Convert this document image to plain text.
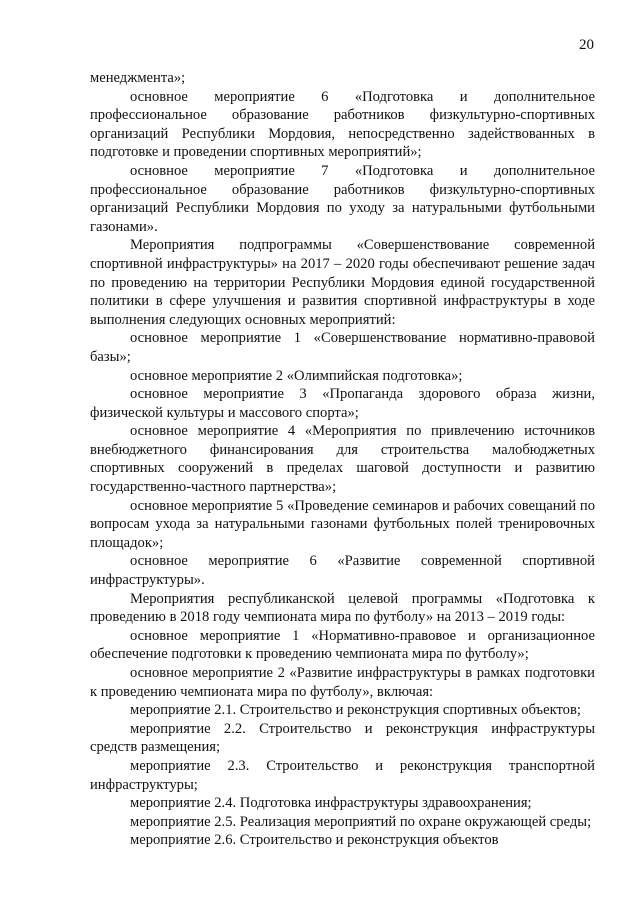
20

менеджмента»;

основное мероприятие 6 «Подготовка и дополнительное профессиональное образование работников физкультурно-спортивных организаций Республики Мордовия, непосредственно задействованных в подготовке и проведении спортивных мероприятий»;

основное мероприятие 7 «Подготовка и дополнительное профессиональное образование работников физкультурно-спортивных организаций Республики Мордовия по уходу за натуральными футбольными газонами».

Мероприятия подпрограммы «Совершенствование современной спортивной инфраструктуры» на 2017 – 2020 годы обеспечивают решение задач по проведению на территории Республики Мордовия единой государственной политики в сфере улучшения и развития спортивной инфраструктуры в ходе выполнения следующих основных мероприятий:

основное мероприятие 1 «Совершенствование нормативно-правовой базы»;

основное мероприятие 2 «Олимпийская подготовка»;

основное мероприятие 3 «Пропаганда здорового образа жизни, физической культуры и массового спорта»;

основное мероприятие 4 «Мероприятия по привлечению источников внебюджетного финансирования для строительства малобюджетных спортивных сооружений в пределах шаговой доступности и развитию государственно-частного партнерства»;

основное мероприятие 5 «Проведение семинаров и рабочих совещаний по вопросам ухода за натуральными газонами футбольных полей тренировочных площадок»;

основное мероприятие 6 «Развитие современной спортивной инфраструктуры».

Мероприятия республиканской целевой программы «Подготовка к проведению в 2018 году чемпионата мира по футболу» на 2013 – 2019 годы:

основное мероприятие 1 «Нормативно-правовое и организационное обеспечение подготовки к проведению чемпионата мира по футболу»;

основное мероприятие 2 «Развитие инфраструктуры в рамках подготовки к проведению чемпионата мира по футболу», включая:

мероприятие 2.1. Строительство и реконструкция спортивных объектов;

мероприятие 2.2. Строительство и реконструкция инфраструктуры средств размещения;

мероприятие 2.3. Строительство и реконструкция транспортной инфраструктуры;

мероприятие 2.4. Подготовка инфраструктуры здравоохранения;

мероприятие 2.5. Реализация мероприятий по охране окружающей среды;

мероприятие 2.6. Строительство и реконструкция объектов
